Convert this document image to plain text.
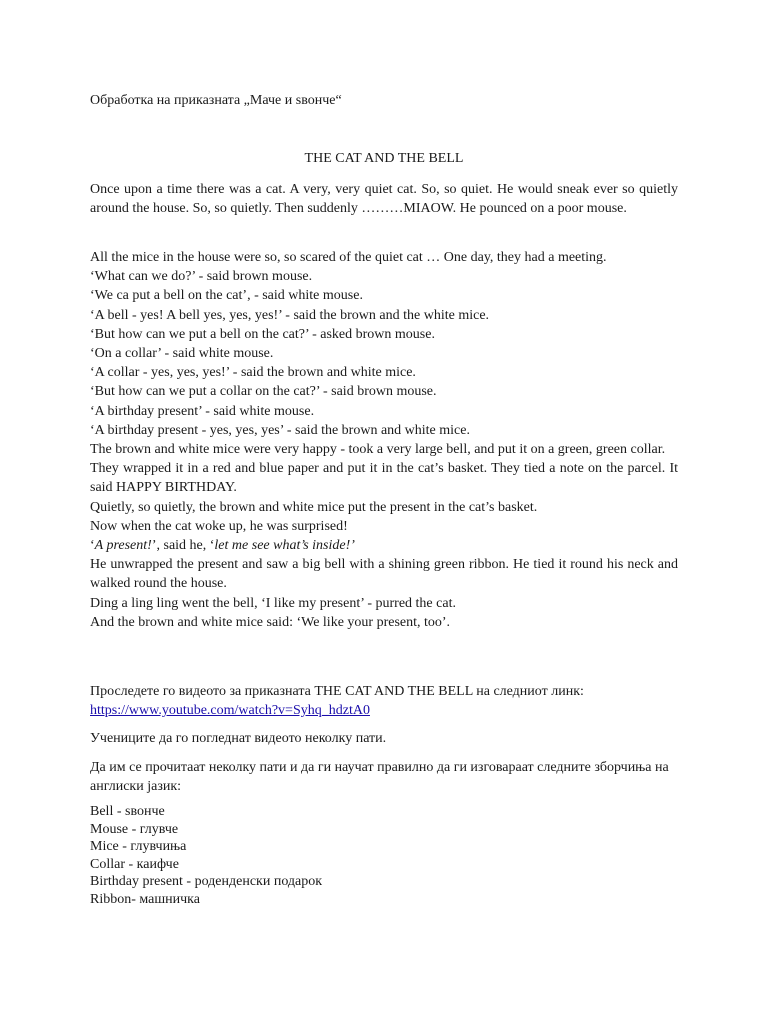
Обработка на приказната „Маче и ѕвонче“
THE CAT AND THE BELL
Once upon a time there was a cat. A very, very quiet cat. So, so quiet. He would sneak ever so quietly around the house. So, so quietly. Then suddenly ………MIAOW. He pounced on a poor mouse.
All the mice in the house were so, so scared of the quiet cat … One day, they had a meeting.
‘What can we do?’ - said brown mouse.
‘We ca put a bell on the cat’, - said white mouse.
‘A bell - yes! A bell yes, yes, yes!’ - said the brown and the white mice.
‘But how can we put a bell on the cat?’ - asked brown mouse.
‘On a collar’ - said white mouse.
‘A collar - yes, yes, yes!’ - said the brown and white mice.
‘But how can we put a collar on the cat?’ - said brown mouse.
‘A birthday present’ - said white mouse.
‘A birthday present - yes, yes, yes’ - said the brown and white mice.
The brown and white mice were very happy - took a very large bell, and put it on a green, green collar.
They wrapped it in a red and blue paper and put it in the cat’s basket. They tied a note on the parcel. It said HAPPY BIRTHDAY.
Quietly, so quietly, the brown and white mice put the present in the cat’s basket.
Now when the cat woke up, he was surprised!
‘A present!’, said he, ‘let me see what’s inside!’
He unwrapped the present and saw a big bell with a shining green ribbon. He tied it round his neck and walked round the house.
Ding a ling ling went the bell, ‘I like my present’ - purred the cat.
And the brown and white mice said: ‘We like your present, too’.
Проследете го видеото за приказната THE CAT AND THE BELL на следниот линк:
https://www.youtube.com/watch?v=Syhq_hdztA0
Учениците да го погледнат видеото неколку пати.
Да им се прочитаат неколку пати и да ги научат правилно да ги изговараат следните зборчиња на англиски јазик:
Bell - ѕвонче
Mouse - глувче
Mice - глувчиња
Collar - каифче
Birthday present - роденденски подарок
Ribbon- машничка
